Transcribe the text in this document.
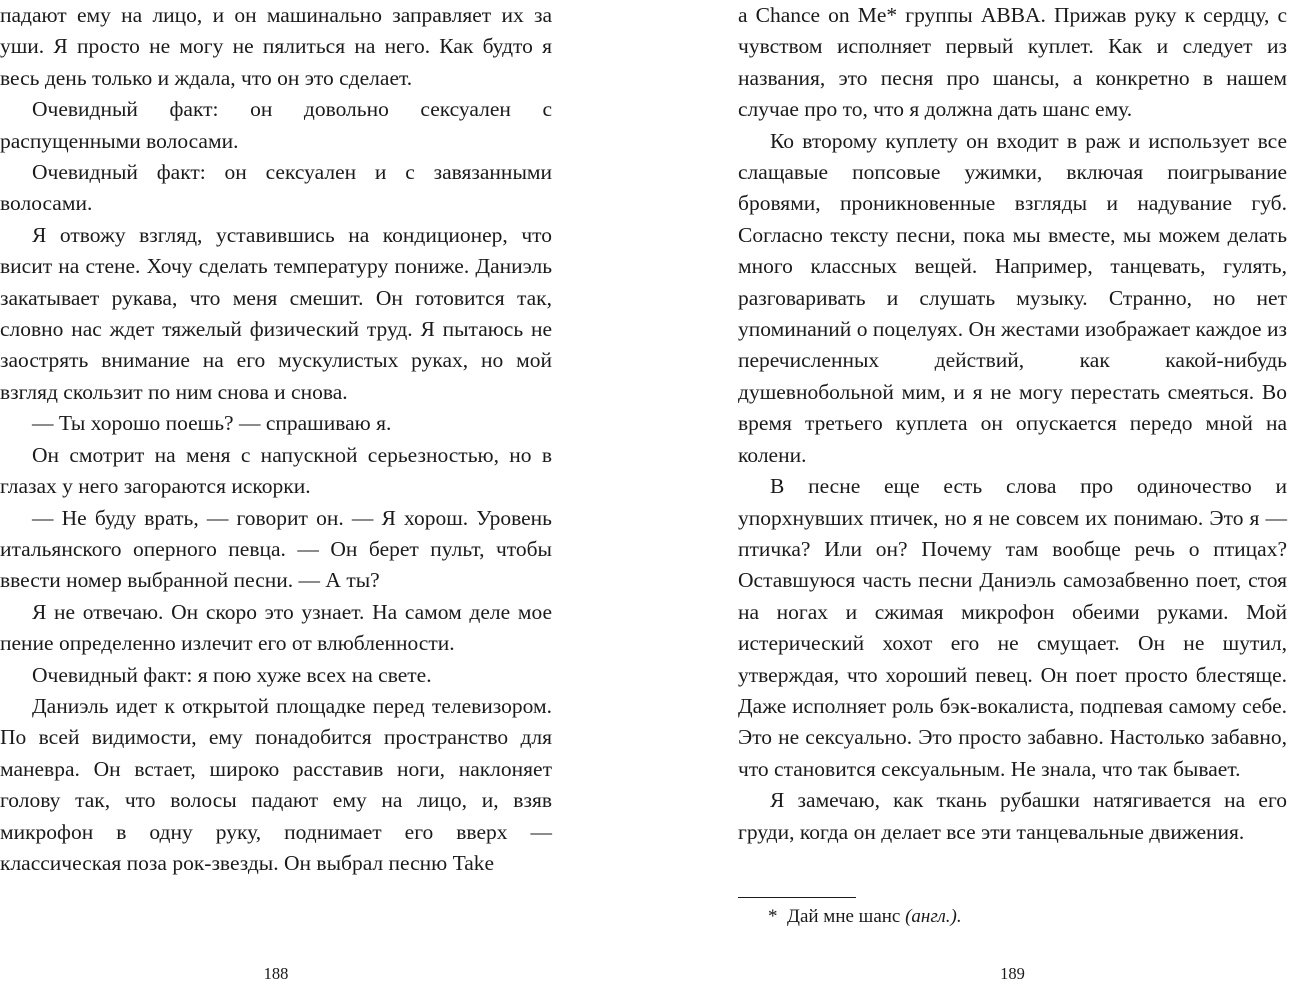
падают ему на лицо, и он машинально заправляет их за уши. Я просто не могу не пялиться на него. Как будто я весь день только и ждала, что он это сделает.

Очевидный факт: он довольно сексуален с распущенными волосами.

Очевидный факт: он сексуален и с завязанными волосами.

Я отвожу взгляд, уставившись на кондиционер, что висит на стене. Хочу сделать температуру пониже. Даниэль закатывает рукава, что меня смешит. Он готовится так, словно нас ждет тяжелый физический труд. Я пытаюсь не заострять внимание на его мускулистых руках, но мой взгляд скользит по ним снова и снова.

— Ты хорошо поешь? — спрашиваю я.

Он смотрит на меня с напускной серьезностью, но в глазах у него загораются искорки.

— Не буду врать, — говорит он. — Я хорош. Уровень итальянского оперного певца. — Он берет пульт, чтобы ввести номер выбранной песни. — А ты?

Я не отвечаю. Он скоро это узнает. На самом деле мое пение определенно излечит его от влюбленности.

Очевидный факт: я пою хуже всех на свете.

Даниэль идет к открытой площадке перед телевизором. По всей видимости, ему понадобится пространство для маневра. Он встает, широко расставив ноги, наклоняет голову так, что волосы падают ему на лицо, и, взяв микрофон в одну руку, поднимает его вверх — классическая поза рок-звезды. Он выбрал песню Take

188

a Chance on Me* группы ABBA. Прижав руку к сердцу, с чувством исполняет первый куплет. Как и следует из названия, это песня про шансы, а конкретно в нашем случае про то, что я должна дать шанс ему.

Ко второму куплету он входит в раж и использует все слащавые попсовые ужимки, включая поигрывание бровями, проникновенные взгляды и надувание губ. Согласно тексту песни, пока мы вместе, мы можем делать много классных вещей. Например, танцевать, гулять, разговаривать и слушать музыку. Странно, но нет упоминаний о поцелуях. Он жестами изображает каждое из перечисленных действий, как какой-нибудь душевнобольной мим, и я не могу перестать смеяться. Во время третьего куплета он опускается передо мной на колени.

В песне еще есть слова про одиночество и упорхнувших птичек, но я не совсем их понимаю. Это я — птичка? Или он? Почему там вообще речь о птицах? Оставшуюся часть песни Даниэль самозабвенно поет, стоя на ногах и сжимая микрофон обеими руками. Мой истерический хохот его не смущает. Он не шутил, утверждая, что хороший певец. Он поет просто блестяще. Даже исполняет роль бэк-вокалиста, подпевая самому себе. Это не сексуально. Это просто забавно. Настолько забавно, что становится сексуальным. Не знала, что так бывает.

Я замечаю, как ткань рубашки натягивается на его груди, когда он делает все эти танцевальные движения.

* Дай мне шанс (англ.).
189
